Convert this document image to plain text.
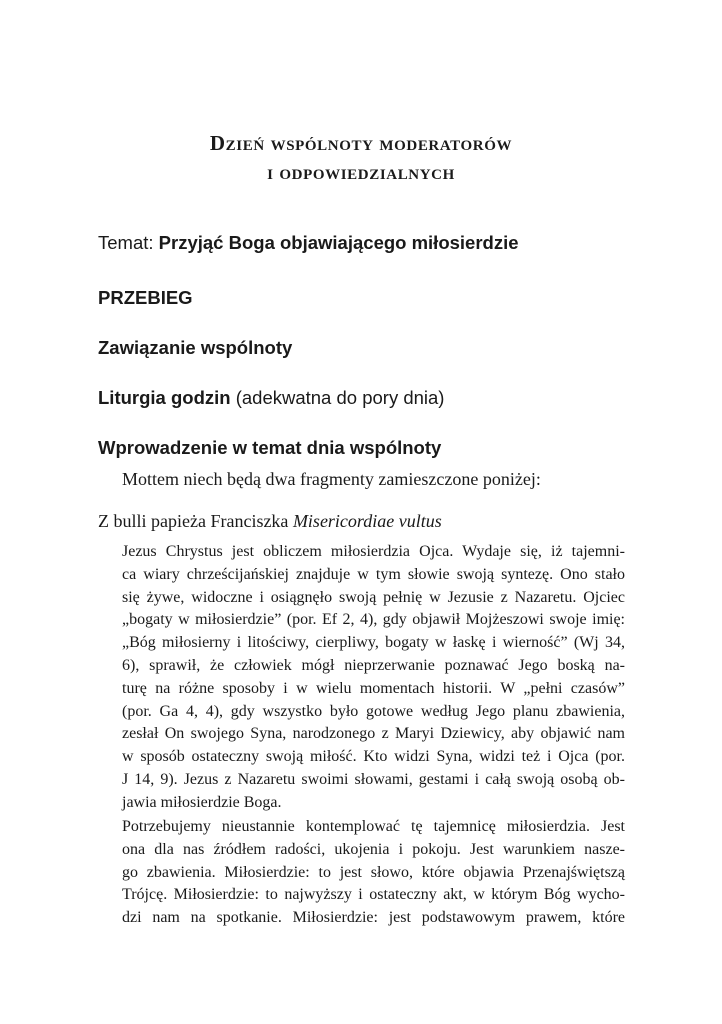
Dzień wspólnoty moderatorów
i odpowiedzialnych

Temat: Przyjąć Boga objawiającego miłosierdzie

PRZEBIEG

Zawiązanie wspólnoty

Liturgia godzin (adekwatna do pory dnia)

Wprowadzenie w temat dnia wspólnoty

Mottem niech będą dwa fragmenty zamieszczone poniżej:

Z bulli papieża Franciszka Misericordiae vultus

Jezus Chrystus jest obliczem miłosierdzia Ojca. Wydaje się, iż tajemni-
ca wiary chrześcijańskiej znajduje w tym słowie swoją syntezę. Ono stało
się żywe, widoczne i osiągnęło swoją pełnię w Jezusie z Nazaretu. Ojciec
„bogaty w miłosierdzie” (por. Ef 2, 4), gdy objawił Mojżeszowi swoje imię:
„Bóg miłosierny i litościwy, cierpliwy, bogaty w łaskę i wierność” (Wj 34,
6), sprawił, że człowiek mógł nieprzerwanie poznawać Jego boską na-
turę na różne sposoby i w wielu momentach historii. W „pełni czasów”
(por. Ga 4, 4), gdy wszystko było gotowe według Jego planu zbawienia,
zesłał On swojego Syna, narodzonego z Maryi Dziewicy, aby objawić nam
w sposób ostateczny swoją miłość. Kto widzi Syna, widzi też i Ojca (por.
J 14, 9). Jezus z Nazaretu swoimi słowami, gestami i całą swoją osobą ob-
jawia miłosierdzie Boga.
Potrzebujemy nieustannie kontemplować tę tajemnicę miłosierdzia. Jest
ona dla nas źródłem radości, ukojenia i pokoju. Jest warunkiem nasze-
go zbawienia. Miłosierdzie: to jest słowo, które objawia Przenajświętszą
Trójcę. Miłosierdzie: to najwyższy i ostateczny akt, w którym Bóg wycho-
dzi nam na spotkanie. Miłosierdzie: jest podstawowym prawem, które
